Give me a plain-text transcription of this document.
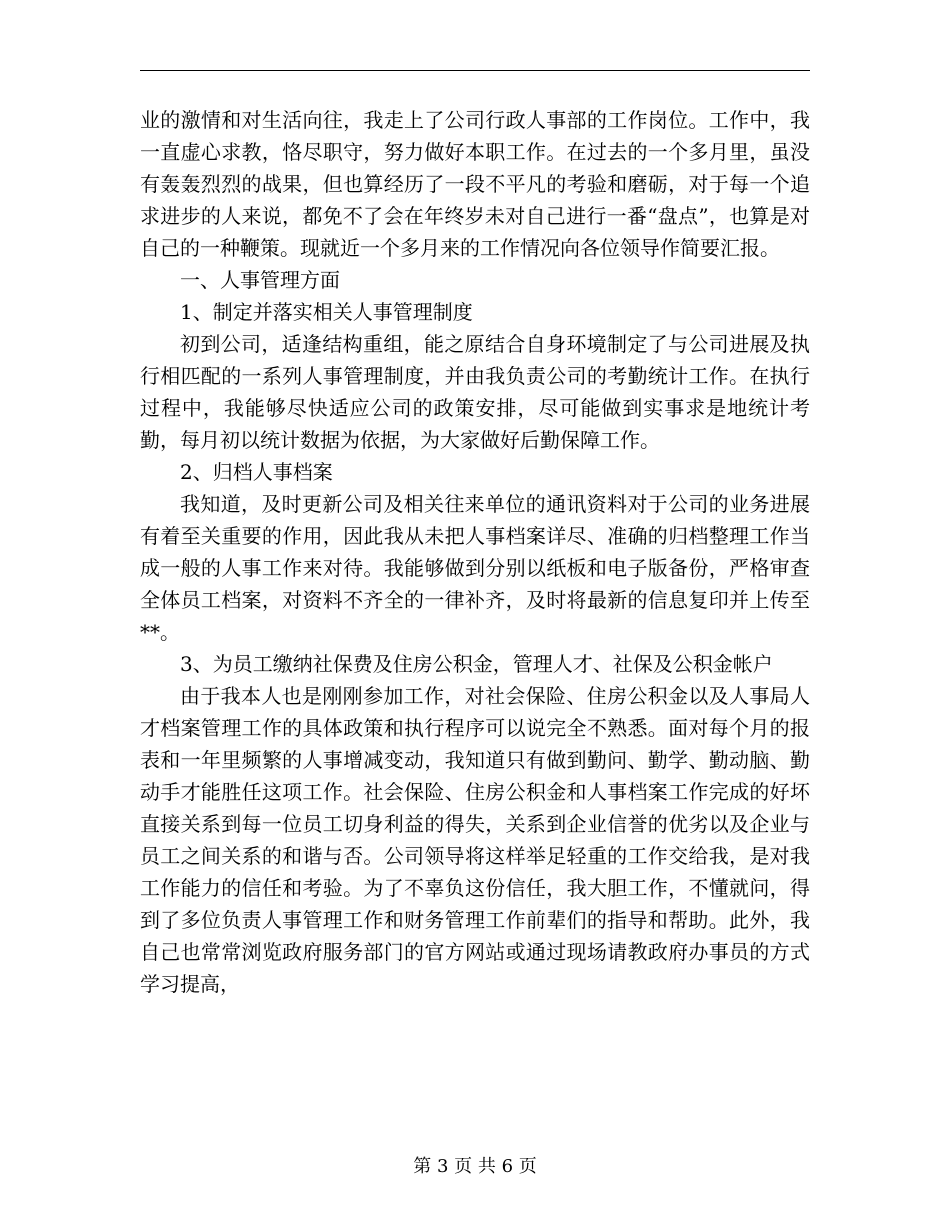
业的激情和对生活向往，我走上了公司行政人事部的工作岗位。工作中，我一直虚心求教，恪尽职守，努力做好本职工作。在过去的一个多月里，虽没有轰轰烈烈的战果，但也算经历了一段不平凡的考验和磨砺，对于每一个追求进步的人来说，都免不了会在年终岁未对自己进行一番“盘点”，也算是对自己的一种鞭策。现就近一个多月来的工作情况向各位领导作简要汇报。

一、人事管理方面

1、制定并落实相关人事管理制度

初到公司，适逢结构重组，能之原结合自身环境制定了与公司进展及执行相匹配的一系列人事管理制度，并由我负责公司的考勤统计工作。在执行过程中，我能够尽快适应公司的政策安排，尽可能做到实事求是地统计考勤，每月初以统计数据为依据，为大家做好后勤保障工作。

2、归档人事档案

我知道，及时更新公司及相关往来单位的通讯资料对于公司的业务进展有着至关重要的作用，因此我从未把人事档案详尽、准确的归档整理工作当成一般的人事工作来对待。我能够做到分别以纸板和电子版备份，严格审查全体员工档案，对资料不齐全的一律补齐，及时将最新的信息复印并上传至**。

3、为员工缴纳社保费及住房公积金，管理人才、社保及公积金帐户

由于我本人也是刚刚参加工作，对社会保险、住房公积金以及人事局人才档案管理工作的具体政策和执行程序可以说完全不熟悉。面对每个月的报表和一年里频繁的人事增减变动，我知道只有做到勤问、勤学、勤动脑、勤动手才能胜任这项工作。社会保险、住房公积金和人事档案工作完成的好坏直接关系到每一位员工切身利益的得失，关系到企业信誉的优劣以及企业与员工之间关系的和谐与否。公司领导将这样举足轻重的工作交给我，是对我工作能力的信任和考验。为了不辜负这份信任，我大胆工作，不懂就问，得到了多位负责人事管理工作和财务管理工作前辈们的指导和帮助。此外，我自己也常常浏览政府服务部门的官方网站或通过现场请教政府办事员的方式学习提高，

第 3 页 共 6 页
